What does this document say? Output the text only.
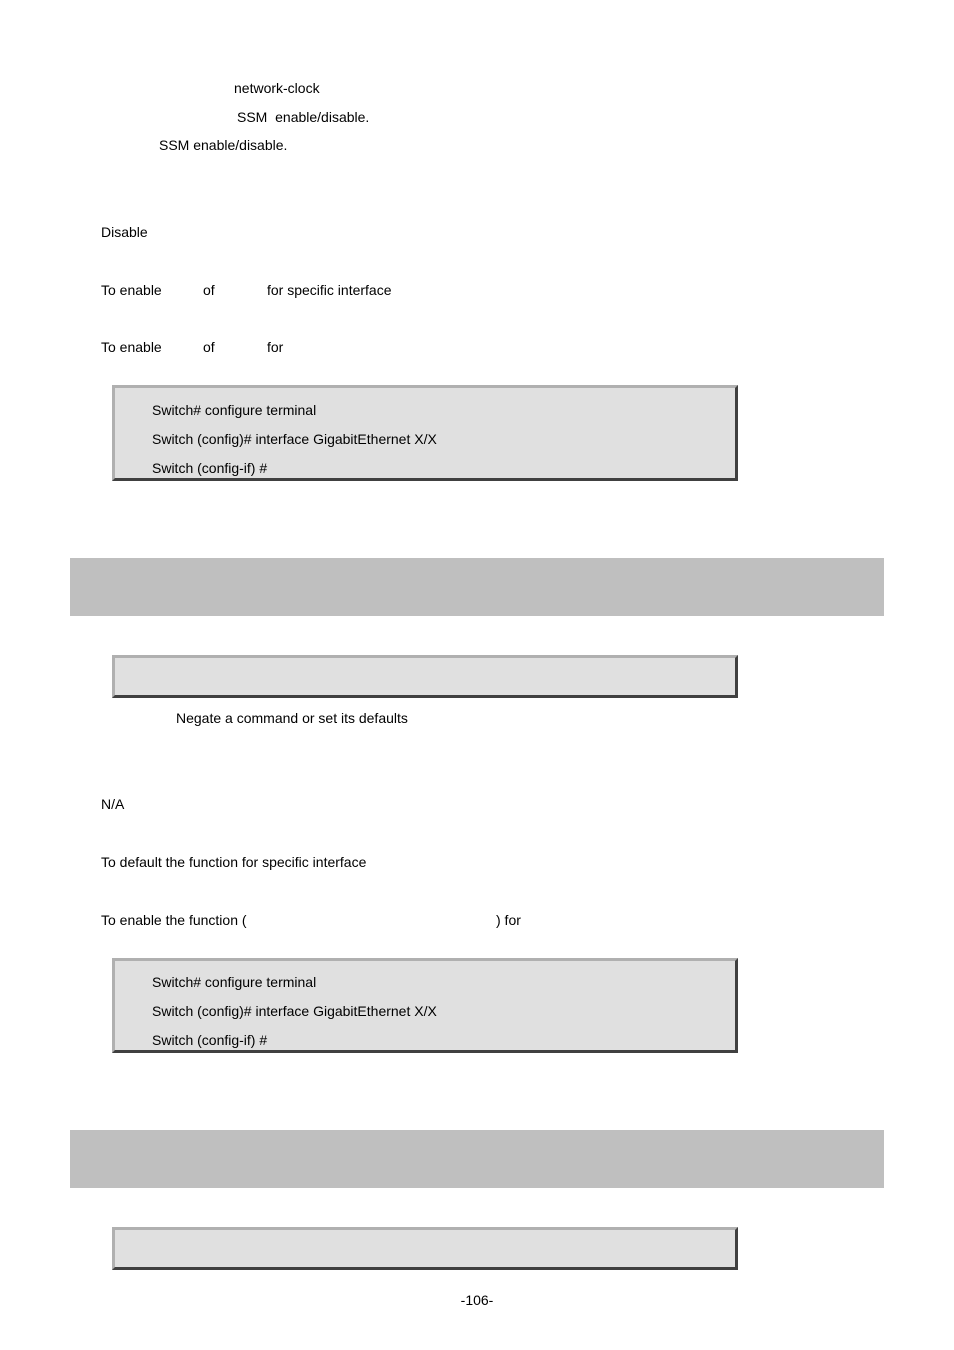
network-clock
SSM  enable/disable.
SSM enable/disable.
Disable
To enable	of	for specific interface
To enable	of	for
Switch# configure terminal
Switch (config)# interface GigabitEthernet X/X
Switch (config-if) #
Negate a command or set its defaults
N/A
To default the function for specific interface
To enable the function (	) for
Switch# configure terminal
Switch (config)# interface GigabitEthernet X/X
Switch (config-if) #
-106-
